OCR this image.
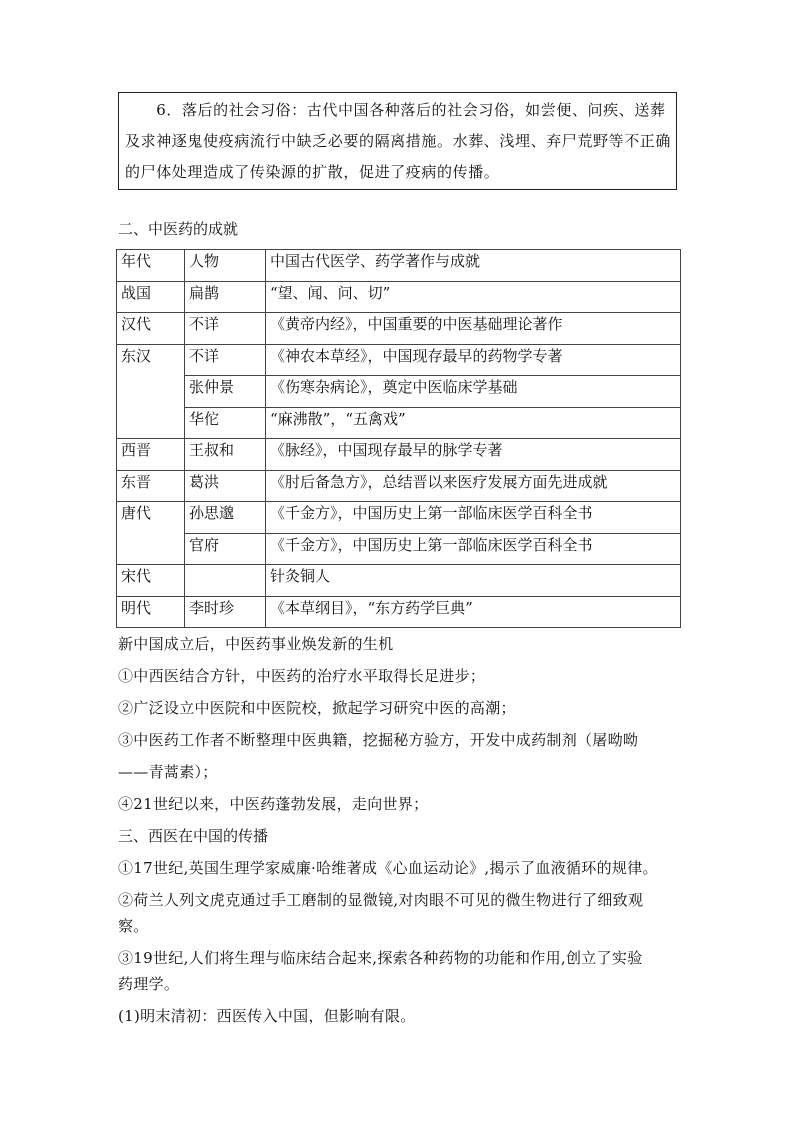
　　6．落后的社会习俗：古代中国各种落后的社会习俗，如尝便、问疾、送葬
及求神逐鬼使疫病流行中缺乏必要的隔离措施。水葬、浅埋、弃尸荒野等不正确
的尸体处理造成了传染源的扩散，促进了疫病的传播。
二、中医药的成就
年代	人物	中国古代医学、药学著作与成就
战国	扁鹊	“望、闻、问、切”
汉代	不详	《黄帝内经》，中国重要的中医基础理论著作
东汉	不详	《神农本草经》，中国现存最早的药物学专著
	张仲景	《伤寒杂病论》，奠定中医临床学基础
	华佗	“麻沸散”，“五禽戏”
西晋	王叔和	《脉经》，中国现存最早的脉学专著
东晋	葛洪	《肘后备急方》，总结晋以来医疗发展方面先进成就
唐代	孙思邈	《千金方》，中国历史上第一部临床医学百科全书
	官府	《千金方》，中国历史上第一部临床医学百科全书
宋代		针灸铜人
明代	李时珍	《本草纲目》，“东方药学巨典”
新中国成立后，中医药事业焕发新的生机
①中西医结合方针，中医药的治疗水平取得长足进步；
②广泛设立中医院和中医院校，掀起学习研究中医的高潮；
③中医药工作者不断整理中医典籍，挖掘秘方验方，开发中成药制剂（屠呦呦
——青蒿素）；
④21世纪以来，中医药蓬勃发展，走向世界；
三、西医在中国的传播
①17世纪,英国生理学家威廉·哈维著成《心血运动论》,揭示了血液循环的规律。
②荷兰人列文虎克通过手工磨制的显微镜,对肉眼不可见的微生物进行了细致观
察。
③19世纪,人们将生理与临床结合起来,探索各种药物的功能和作用,创立了实验
药理学。
(1)明末清初：西医传入中国，但影响有限。
